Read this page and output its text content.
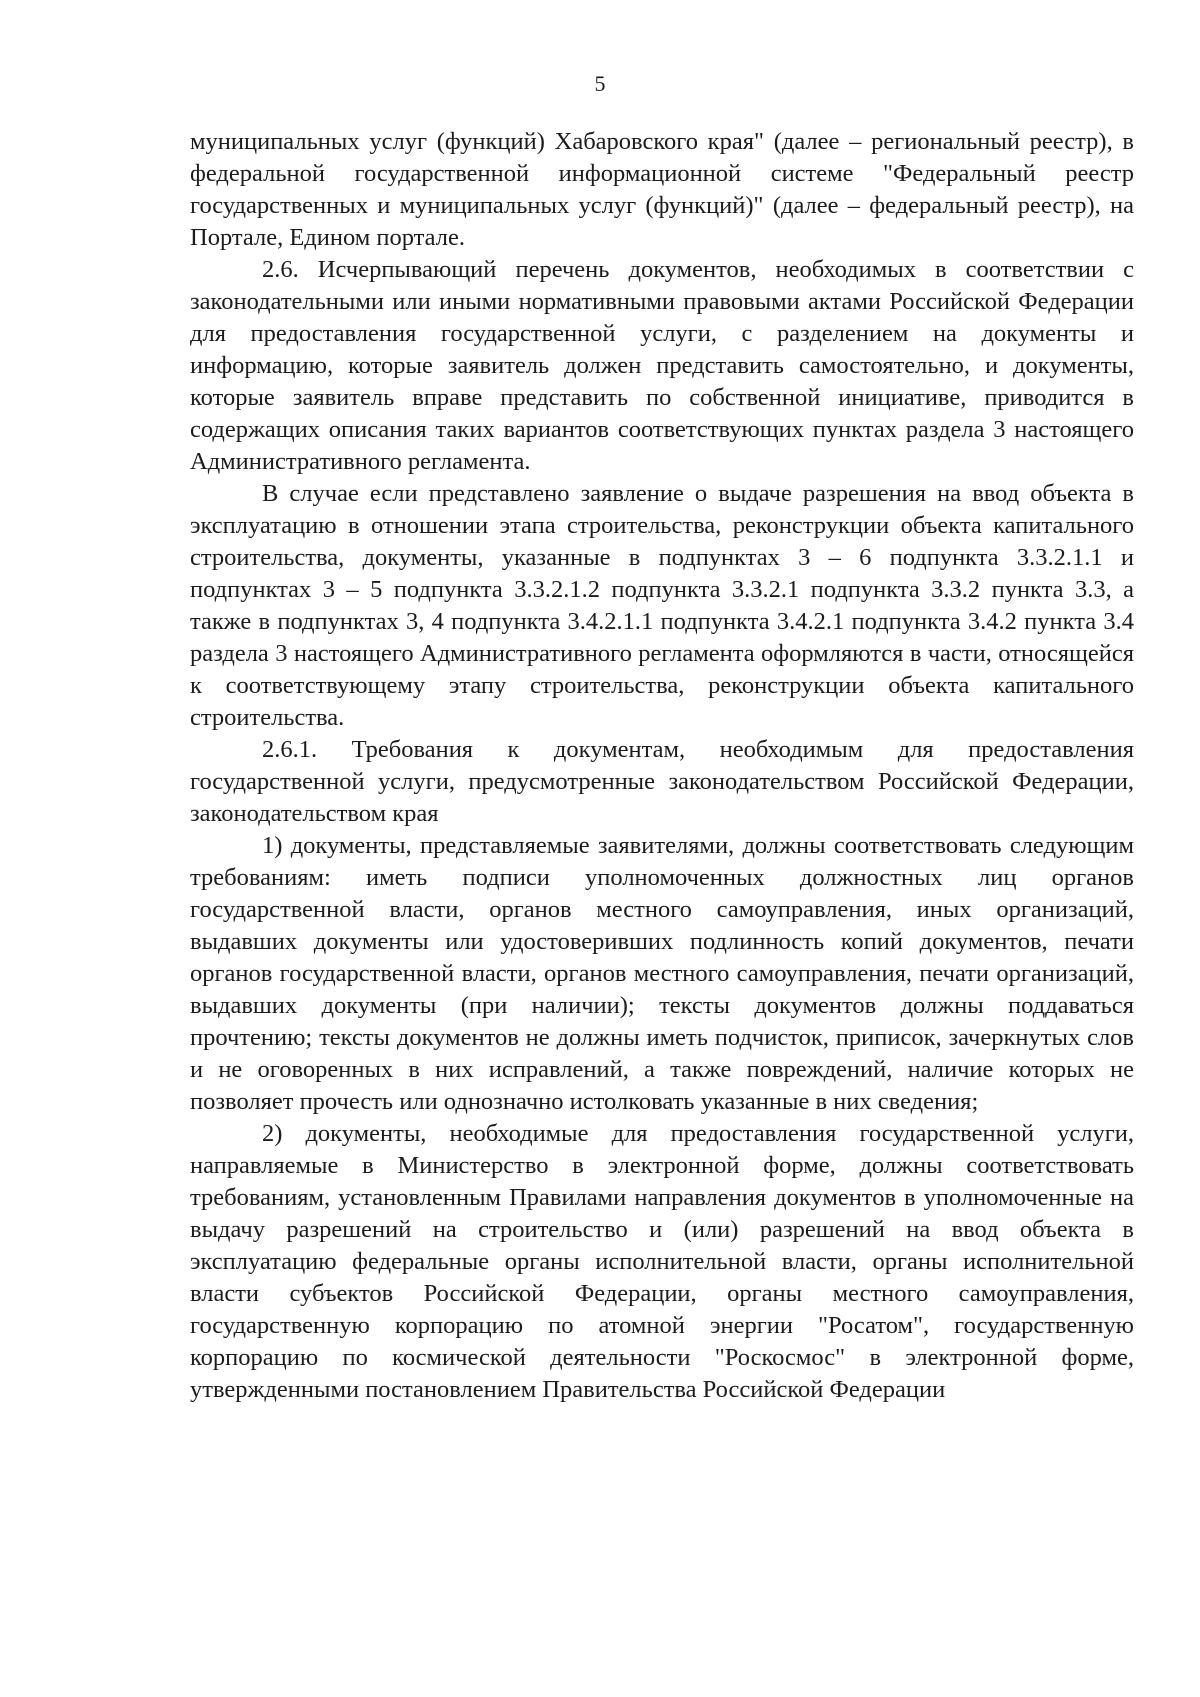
5

муниципальных услуг (функций) Хабаровского края" (далее – региональный реестр), в федеральной государственной информационной системе "Федеральный реестр государственных и муниципальных услуг (функций)" (далее – федеральный реестр), на Портале, Едином портале.

2.6. Исчерпывающий перечень документов, необходимых в соответствии с законодательными или иными нормативными правовыми актами Российской Федерации для предоставления государственной услуги, с разделением на документы и информацию, которые заявитель должен представить самостоятельно, и документы, которые заявитель вправе представить по собственной инициативе, приводится в содержащих описания таких вариантов соответствующих пунктах раздела 3 настоящего Административного регламента.

В случае если представлено заявление о выдаче разрешения на ввод объекта в эксплуатацию в отношении этапа строительства, реконструкции объекта капитального строительства, документы, указанные в подпунктах 3 – 6 подпункта 3.3.2.1.1 и подпунктах 3 – 5 подпункта 3.3.2.1.2 подпункта 3.3.2.1 подпункта 3.3.2 пункта 3.3, а также в подпунктах 3, 4 подпункта 3.4.2.1.1 подпункта 3.4.2.1 подпункта 3.4.2 пункта 3.4 раздела 3 настоящего Административного регламента оформляются в части, относящейся к соответствующему этапу строительства, реконструкции объекта капитального строительства.

2.6.1. Требования к документам, необходимым для предоставления государственной услуги, предусмотренные законодательством Российской Федерации, законодательством края

1) документы, представляемые заявителями, должны соответствовать следующим требованиям: иметь подписи уполномоченных должностных лиц органов государственной власти, органов местного самоуправления, иных организаций, выдавших документы или удостоверивших подлинность копий документов, печати органов государственной власти, органов местного самоуправления, печати организаций, выдавших документы (при наличии); тексты документов должны поддаваться прочтению; тексты документов не должны иметь подчисток, приписок, зачеркнутых слов и не оговоренных в них исправлений, а также повреждений, наличие которых не позволяет прочесть или однозначно истолковать указанные в них сведения;

2) документы, необходимые для предоставления государственной услуги, направляемые в Министерство в электронной форме, должны соответствовать требованиям, установленным Правилами направления документов в уполномоченные на выдачу разрешений на строительство и (или) разрешений на ввод объекта в эксплуатацию федеральные органы исполнительной власти, органы исполнительной власти субъектов Российской Федерации, органы местного самоуправления, государственную корпорацию по атомной энергии "Росатом", государственную корпорацию по космической деятельности "Роскосмос" в электронной форме, утвержденными постановлением Правительства Российской Федерации
